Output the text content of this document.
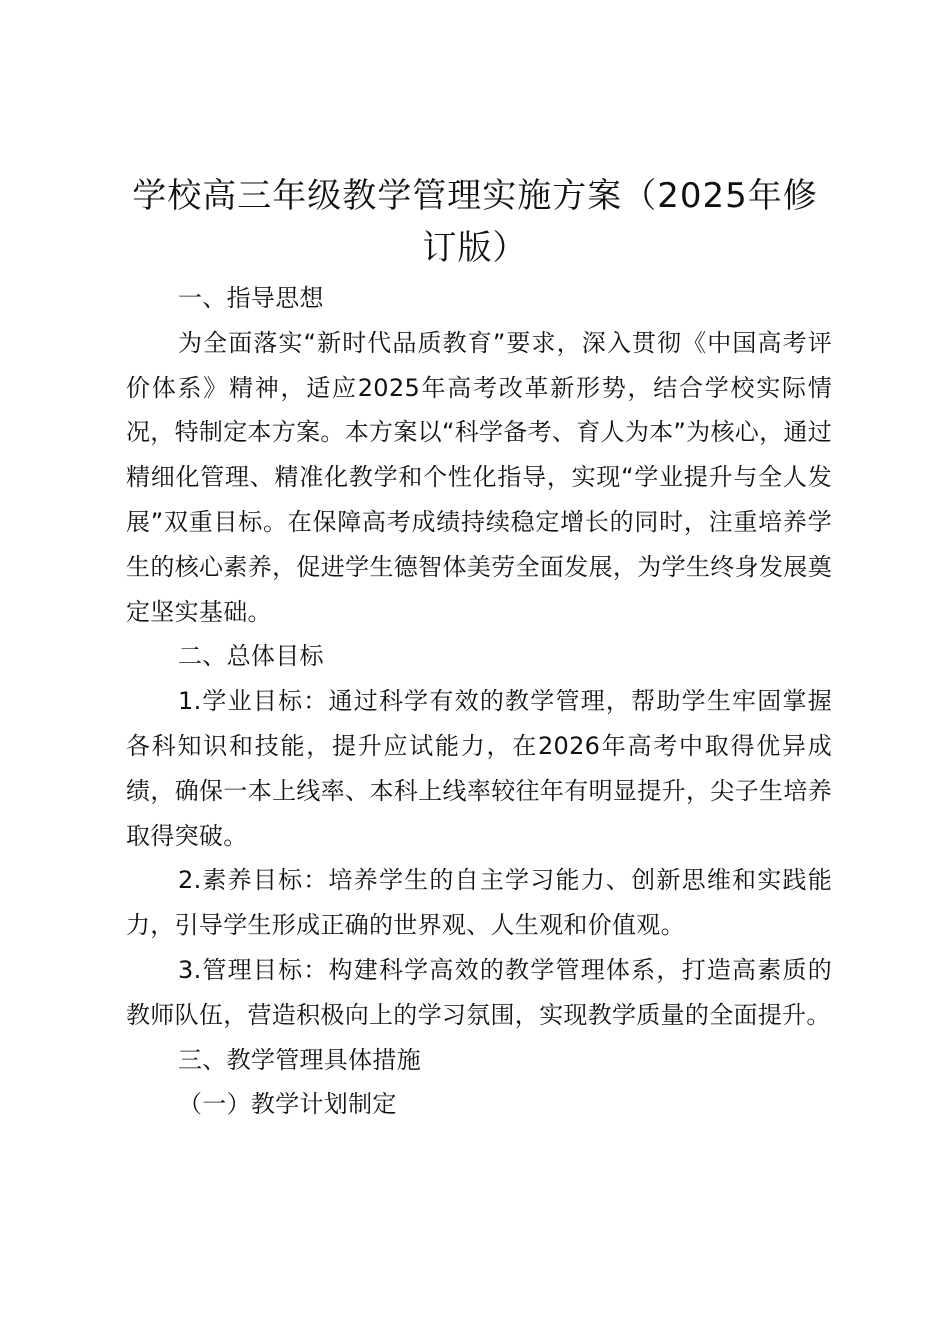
学校高三年级教学管理实施方案（2025年修订版）

一、指导思想

为全面落实“新时代品质教育”要求，深入贯彻《中国高考评价体系》精神，适应2025年高考改革新形势，结合学校实际情况，特制定本方案。本方案以“科学备考、育人为本”为核心，通过精细化管理、精准化教学和个性化指导，实现“学业提升与全人发展”双重目标。在保障高考成绩持续稳定增长的同时，注重培养学生的核心素养，促进学生德智体美劳全面发展，为学生终身发展奠定坚实基础。

二、总体目标

1.学业目标：通过科学有效的教学管理，帮助学生牢固掌握各科知识和技能，提升应试能力，在2026年高考中取得优异成绩，确保一本上线率、本科上线率较往年有明显提升，尖子生培养取得突破。

2.素养目标：培养学生的自主学习能力、创新思维和实践能力，引导学生形成正确的世界观、人生观和价值观。

3.管理目标：构建科学高效的教学管理体系，打造高素质的教师队伍，营造积极向上的学习氛围，实现教学质量的全面提升。

三、教学管理具体措施

（一）教学计划制定
